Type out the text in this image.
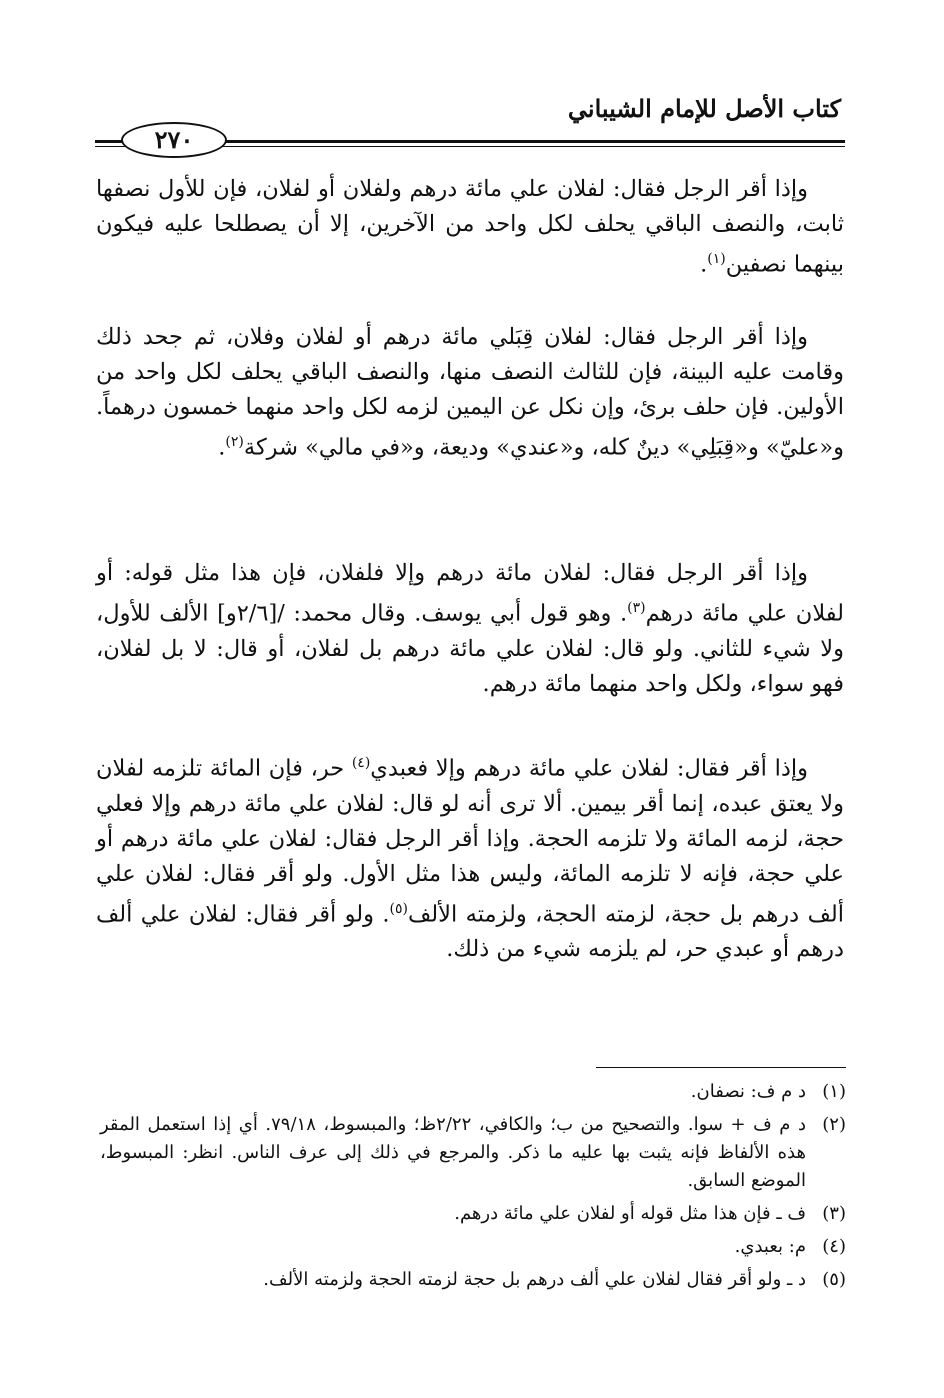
كتاب الأصل للإمام الشيباني
٢٧٠

وإذا أقر الرجل فقال: لفلان علي مائة درهم ولفلان أو لفلان، فإن للأول نصفها ثابت، والنصف الباقي يحلف لكل واحد من الآخرين، إلا أن يصطلحا عليه فيكون بينهما نصفين$^{(١)}$.

وإذا أقر الرجل فقال: لفلان قِبَلي مائة درهم أو لفلان وفلان، ثم جحد ذلك وقامت عليه البينة، فإن للثالث النصف منها، والنصف الباقي يحلف لكل واحد من الأولين. فإن حلف برئ، وإن نكل عن اليمين لزمه لكل واحد منهما خمسون درهماً. و«عليّ» و«قِبَلِي» دينٌ كله، و«عندي» وديعة، و«في مالي» شركة$^{(٢)}$.

وإذا أقر الرجل فقال: لفلان مائة درهم وإلا فلفلان، فإن هذا مثل قوله: أو لفلان علي مائة درهم$^{(٣)}$. وهو قول أبي يوسف. وقال محمد: /[٢/٦و] الألف للأول، ولا شيء للثاني. ولو قال: لفلان علي مائة درهم بل لفلان، أو قال: لا بل لفلان، فهو سواء، ولكل واحد منهما مائة درهم.

وإذا أقر فقال: لفلان علي مائة درهم وإلا فعبدي$^{(٤)}$ حر، فإن المائة تلزمه لفلان ولا يعتق عبده، إنما أقر بيمين. ألا ترى أنه لو قال: لفلان علي مائة درهم وإلا فعلي حجة، لزمه المائة ولا تلزمه الحجة. وإذا أقر الرجل فقال: لفلان علي مائة درهم أو علي حجة، فإنه لا تلزمه المائة، وليس هذا مثل الأول. ولو أقر فقال: لفلان علي ألف درهم بل حجة، لزمته الحجة، ولزمته الألف$^{(٥)}$. ولو أقر فقال: لفلان علي ألف درهم أو عبدي حر، لم يلزمه شيء من ذلك.

(١)
د م ف: نصفان.
(٢)
د م ف + سوا. والتصحيح من ب؛ والكافي، ٢/٢٢ظ؛ والمبسوط، ٧٩/١٨. أي إذا استعمل المقر هذه الألفاظ فإنه يثبت بها عليه ما ذكر. والمرجع في ذلك إلى عرف الناس. انظر: المبسوط، الموضع السابق.
(٣)
ف ـ فإن هذا مثل قوله أو لفلان علي مائة درهم.
(٤)
م: بعبدي.
(٥)
د ـ ولو أقر فقال لفلان علي ألف درهم بل حجة لزمته الحجة ولزمته الألف.
